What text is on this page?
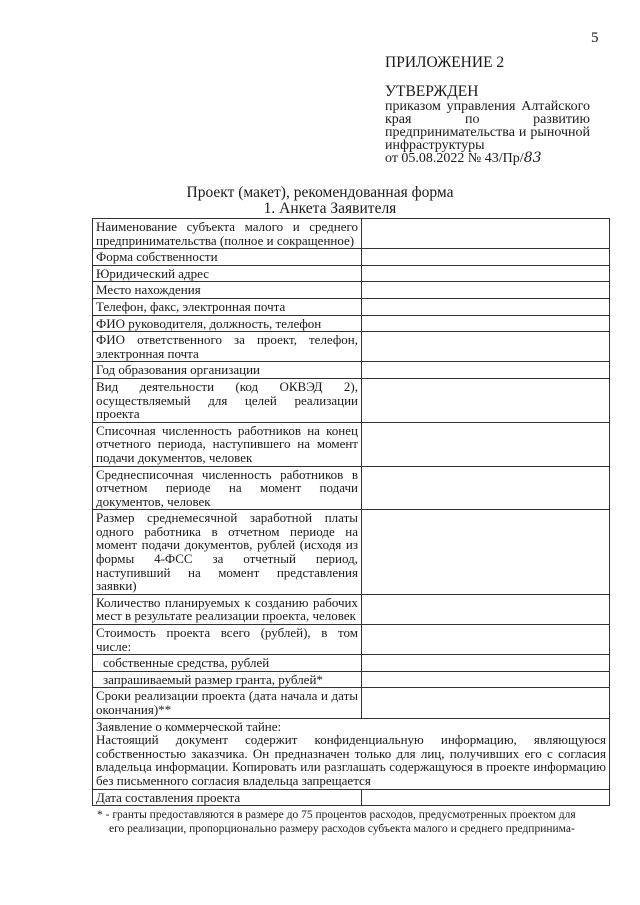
5
ПРИЛОЖЕНИЕ 2
УТВЕРЖДЕН
приказом управления Алтайского края по развитию предпринимательства и рыночной инфраструктуры
от 05.08.2022 № 43/Пр/83
Проект (макет), рекомендованная форма
1. Анкета Заявителя
Наименование субъекта малого и среднего предпринимательства (полное и сокращенное)	
Форма собственности	
Юридический адрес	
Место нахождения	
Телефон, факс, электронная почта	
ФИО руководителя, должность, телефон	
ФИО ответственного за проект, телефон, электронная почта	
Год образования организации	
Вид деятельности (код ОКВЭД 2), осуществляемый для целей реализации проекта	
Списочная численность работников на конец отчетного периода, наступившего на момент подачи документов, человек	
Среднесписочная численность работников в отчетном периоде на момент подачи документов, человек	
Размер среднемесячной заработной платы одного работника в отчетном периоде на момент подачи документов, рублей (исходя из формы 4-ФСС за отчетный период, наступивший на момент представления заявки)	
Количество планируемых к созданию рабочих мест в результате реализации проекта, человек	
Стоимость проекта всего (рублей), в том числе:	
собственные средства, рублей	
запрашиваемый размер гранта, рублей*	
Сроки реализации проекта (дата начала и даты окончания)**	

Заявление о коммерческой тайне:
Настоящий документ содержит конфиденциальную информацию, являющуюся собственностью заказчика. Он предназначен только для лиц, получивших его с согласия владельца информации. Копировать или разглашать содержащуюся в проекте информацию без письменного согласия владельца запрещается	

Дата составления проекта	
* - гранты предоставляются в размере до 75 процентов расходов, предусмотренных проектом для
его реализации, пропорционально размеру расходов субъекта малого и среднего предпринима-
